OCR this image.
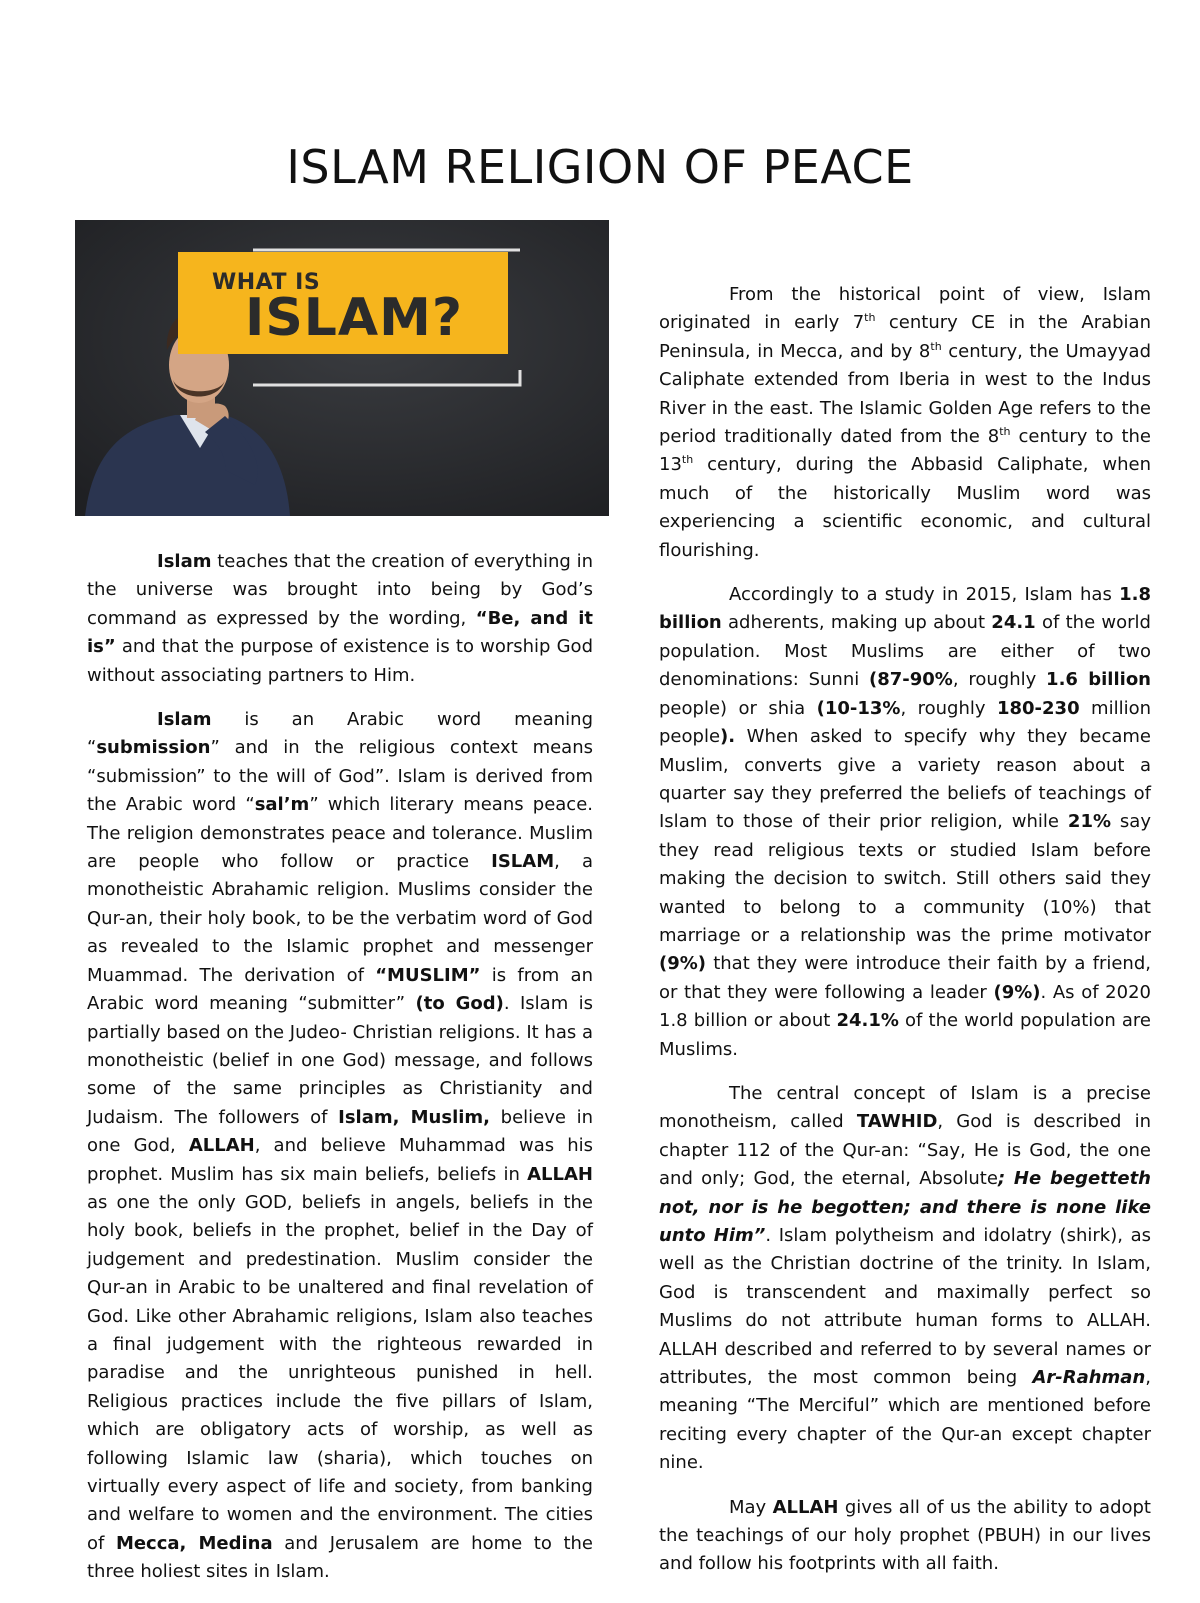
ISLAM RELIGION OF PEACE
WHAT IS
ISLAM?

Islam teaches that the creation of everything in the universe was brought into being by God’s command as expressed by the wording, “Be, and it is” and that the purpose of existence is to worship God without associating partners to Him.

Islam is an Arabic word meaning “submission” and in the religious context means “submission” to the will of God”. Islam is derived from the Arabic word “sal’m” which literary means peace. The religion demonstrates peace and tolerance. Muslim are people who follow or practice ISLAM, a monotheistic Abrahamic religion. Muslims consider the Qur-an, their holy book, to be the verbatim word of God as revealed to the Islamic prophet and messenger Muammad. The derivation of “MUSLIM” is from an Arabic word meaning “submitter” (to God). Islam is partially based on the Judeo- Christian religions. It has a monotheistic (belief in one God) message, and follows some of the same principles as Christianity and Judaism. The followers of Islam, Muslim, believe in one God, ALLAH, and believe Muhammad was his prophet. Muslim has six main beliefs, beliefs in ALLAH as one the only GOD, beliefs in angels, beliefs in the holy book, beliefs in the prophet, belief in the Day of judgement and predestination. Muslim consider the Qur-an in Arabic to be unaltered and final revelation of God. Like other Abrahamic religions, Islam also teaches a final judgement with the righteous rewarded in paradise and the unrighteous punished in hell. Religious practices include the five pillars of Islam, which are obligatory acts of worship, as well as following Islamic law (sharia), which touches on virtually every aspect of life and society, from banking and welfare to women and the environment. The cities of Mecca, Medina and Jerusalem are home to the three holiest sites in Islam.

From the historical point of view, Islam originated in early 7th century CE in the Arabian Peninsula, in Mecca, and by 8th century, the Umayyad Caliphate extended from Iberia in west to the Indus River in the east. The Islamic Golden Age refers to the period traditionally dated from the 8th century to the 13th century, during the Abbasid Caliphate, when much of the historically Muslim word was experiencing a scientific economic, and cultural flourishing.

Accordingly to a study in 2015, Islam has 1.8 billion adherents, making up about 24.1 of the world population. Most Muslims are either of two denominations: Sunni (87-90%, roughly 1.6 billion people) or shia (10-13%, roughly 180-230 million people). When asked to specify why they became Muslim, converts give a variety reason about a quarter say they preferred the beliefs of teachings of Islam to those of their prior religion, while 21% say they read religious texts or studied Islam before making the decision to switch. Still others said they wanted to belong to a community (10%) that marriage or a relationship was the prime motivator (9%) that they were introduce their faith by a friend, or that they were following a leader (9%). As of 2020 1.8 billion or about 24.1% of the world population are Muslims.

The central concept of Islam is a precise monotheism, called TAWHID, God is described in chapter 112 of the Qur-an: “Say, He is God, the one and only; God, the eternal, Absolute; He begetteth not, nor is he begotten; and there is none like unto Him”. Islam polytheism and idolatry (shirk), as well as the Christian doctrine of the trinity. In Islam, God is transcendent and maximally perfect so Muslims do not attribute human forms to ALLAH. ALLAH described and referred to by several names or attributes, the most common being Ar-Rahman, meaning “The Merciful” which are mentioned before reciting every chapter of the Qur-an except chapter nine.

May ALLAH gives all of us the ability to adopt the teachings of our holy prophet (PBUH) in our lives and follow his footprints with all faith.
